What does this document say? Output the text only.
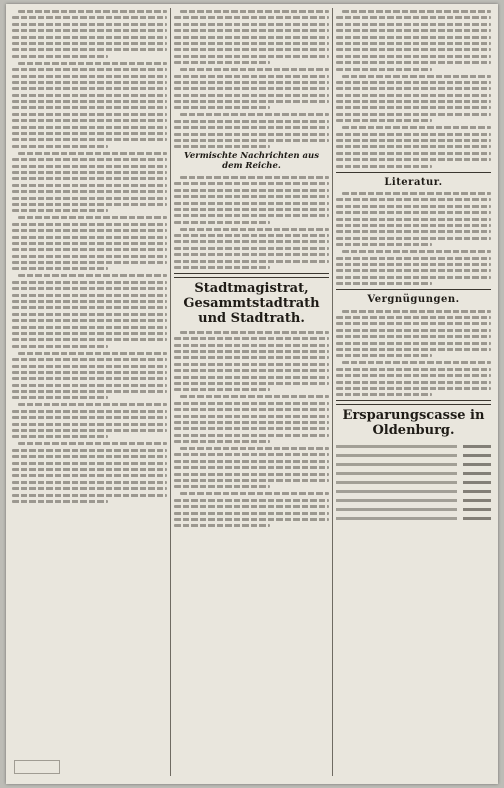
Vermischte Nachrichten aus dem Reiche.
Stadtmagistrat, Gesammtstadtrath und Stadtrath.
Literatur.
Vergnügungen.
Ersparungscasse in Oldenburg.
